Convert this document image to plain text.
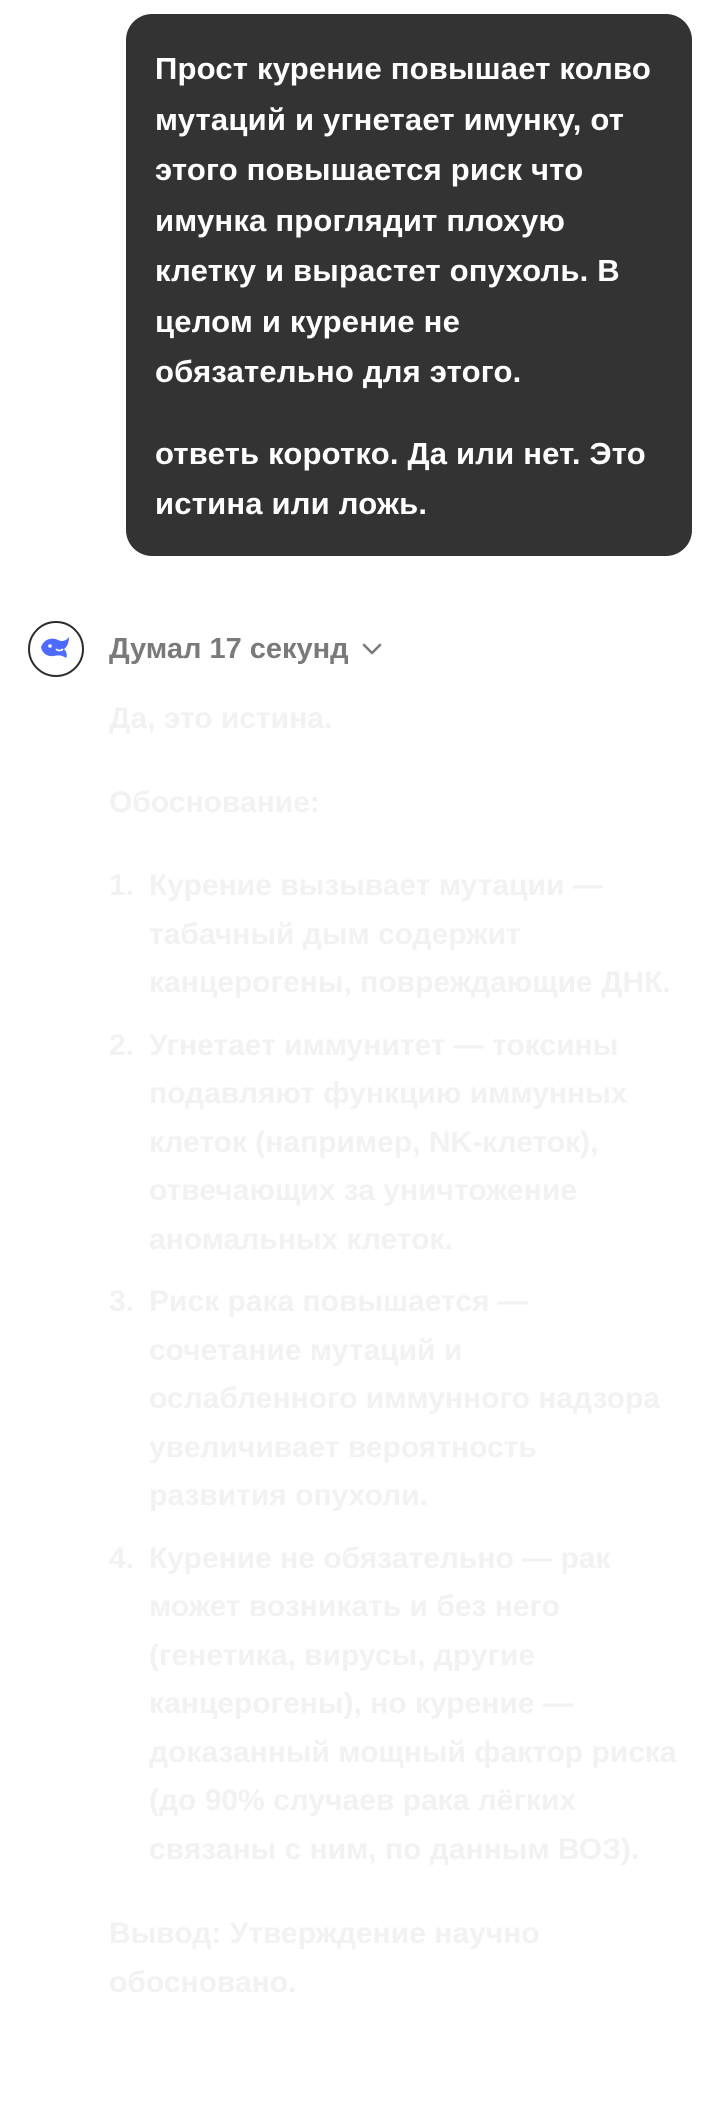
Прост курение повышает колво мутаций и угнетает имунку, от этого повышается риск что имунка проглядит плохую клетку и вырастет опухоль. В целом и курение не обязательно для этого.

ответь коротко. Да или нет. Это истина или ложь.

Думал 17 секунд

Да, это истина.

Обоснование:

1. Курение вызывает мутации — табачный дым содержит канцерогены, повреждающие ДНК.
2. Угнетает иммунитет — токсины подавляют функцию иммунных клеток (например, NK-клеток), отвечающих за уничтожение аномальных клеток.
3. Риск рака повышается — сочетание мутаций и ослабленного иммунного надзора увеличивает вероятность развития опухоли.
4. Курение не обязательно — рак может возникать и без него (генетика, вирусы, другие канцерогены), но курение — доказанный мощный фактор риска (до 90% случаев рака лёгких связаны с ним, по данным ВОЗ).

Вывод: Утверждение научно обосновано.
